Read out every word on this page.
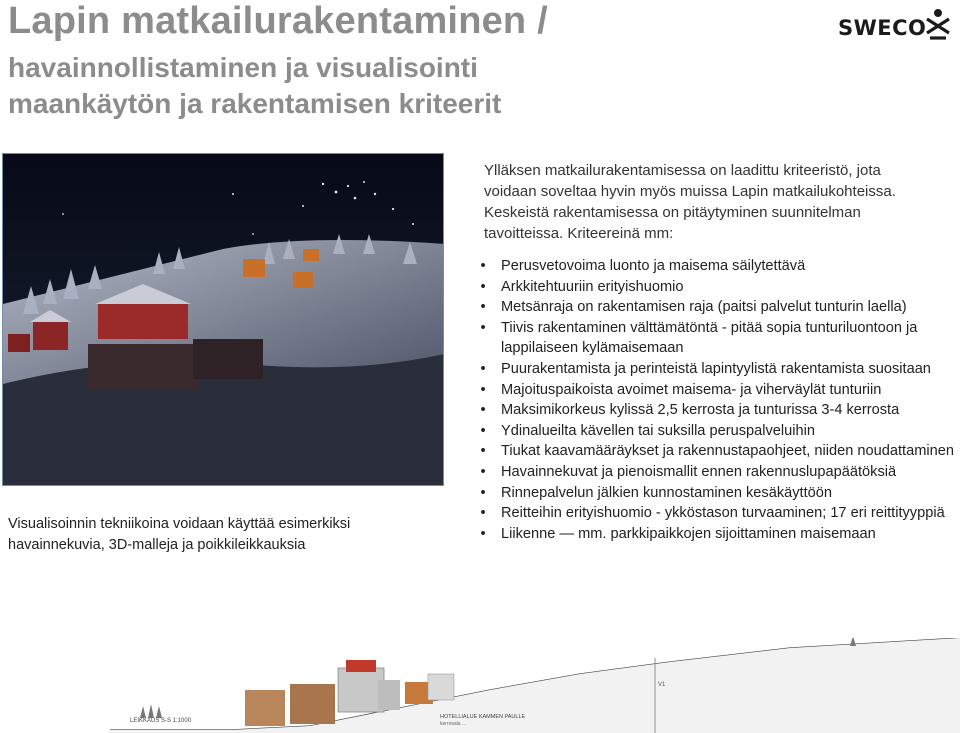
Lapin matkailurakentaminen /
havainnollistaminen ja visualisointi
maankäytön ja rakentamisen kriteerit
SWECO
Visualisoinnin tekniikoina voidaan käyttää esimerkiksi havainnekuvia, 3D-malleja ja poikkileikkauksia
Ylläksen matkailurakentamisessa on laadittu kriteeristö, jota voidaan soveltaa hyvin myös muissa Lapin matkailukohteissa. Keskeistä rakentamisessa on pitäytyminen suunnitelman tavoitteissa. Kriteereinä mm:
• Perusvetovoima luonto ja maisema säilytettävä
• Arkkitehtuuriin erityishuomio
• Metsänraja on rakentamisen raja (paitsi palvelut tunturin laella)
• Tiivis rakentaminen välttämätöntä - pitää sopia tunturiluontoon ja lappilaiseen kylämaisemaan
• Puurakentamista ja perinteistä lapintyylistä rakentamista suositaan
• Majoituspaikoista avoimet maisema- ja viherväylät tunturiin
• Maksimikorkeus kylissä 2,5 kerrosta ja tunturissa 3-4 kerrosta
• Ydinalueilta kävellen tai suksilla peruspalveluihin
• Tiukat kaavamääräykset ja rakennustapaohjeet, niiden noudattaminen
• Havainnekuvat ja pienoismallit ennen rakennuslupapäätöksiä
• Rinnepalvelun jälkien kunnostaminen kesäkäyttöön
• Reitteihin erityishuomio - ykköstason turvaaminen; 17 eri reittityyppiä
• Liikenne — mm. parkkipaikkojen sijoittaminen maisemaan
LEIKKAUS S-S 1:1000
HOTELLIALUE KAMMEN PAULLE
kerrosala ...
V1
